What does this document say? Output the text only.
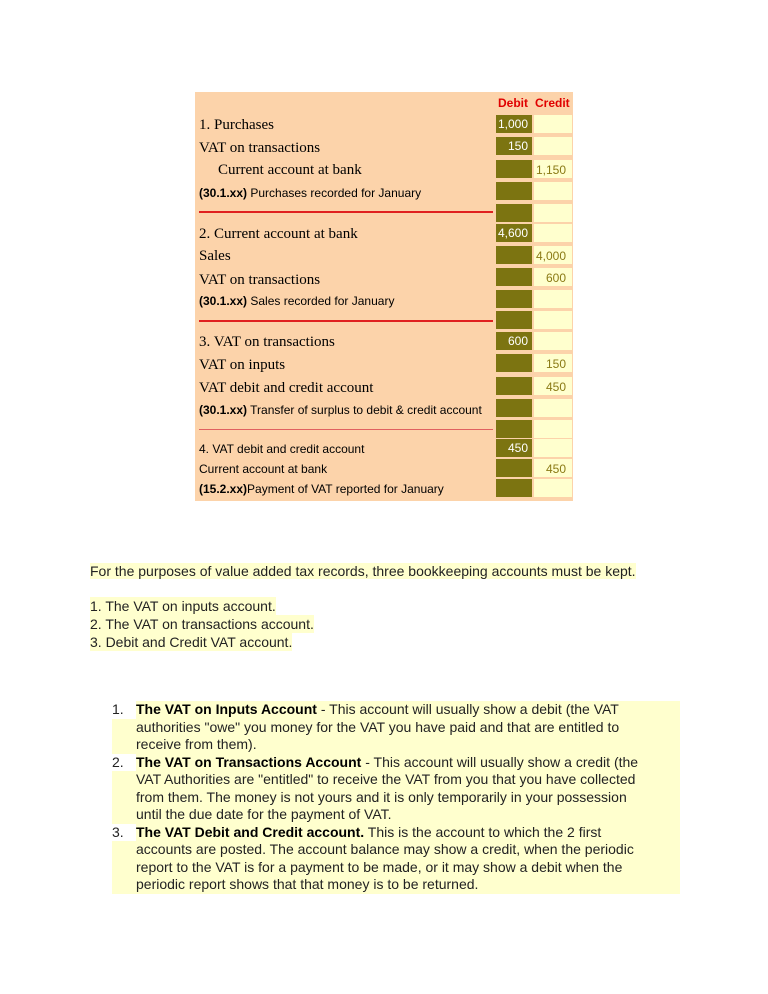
Debit Credit
1,000
150
4,600
600
450
1,150
4,000
600
150
450
450
1. Purchases
VAT on transactions
Current account at bank
(30.1.xx) Purchases recorded for January
2. Current account at bank
Sales
VAT on transactions
(30.1.xx) Sales recorded for January
3. VAT on transactions
VAT on inputs
VAT debit and credit account
(30.1.xx) Transfer of surplus to debit & credit account
4. VAT debit and credit account
Current account at bank
(15.2.xx)Payment of VAT reported for January
For the purposes of value added tax records, three bookkeeping accounts must be kept.
1. The VAT on inputs account.
2. The VAT on transactions account.
3. Debit and Credit VAT account.
1. The VAT on Inputs Account - This account will usually show a debit (the VAT
authorities "owe" you money for the VAT you have paid and that are entitled to
receive from them).
2. The VAT on Transactions Account - This account will usually show a credit (the
VAT Authorities are "entitled" to receive the VAT from you that you have collected
from them. The money is not yours and it is only temporarily in your possession
until the due date for the payment of VAT.
3. The VAT Debit and Credit account. This is the account to which the 2 first
accounts are posted. The account balance may show a credit, when the periodic
report to the VAT is for a payment to be made, or it may show a debit when the
periodic report shows that that money is to be returned.
